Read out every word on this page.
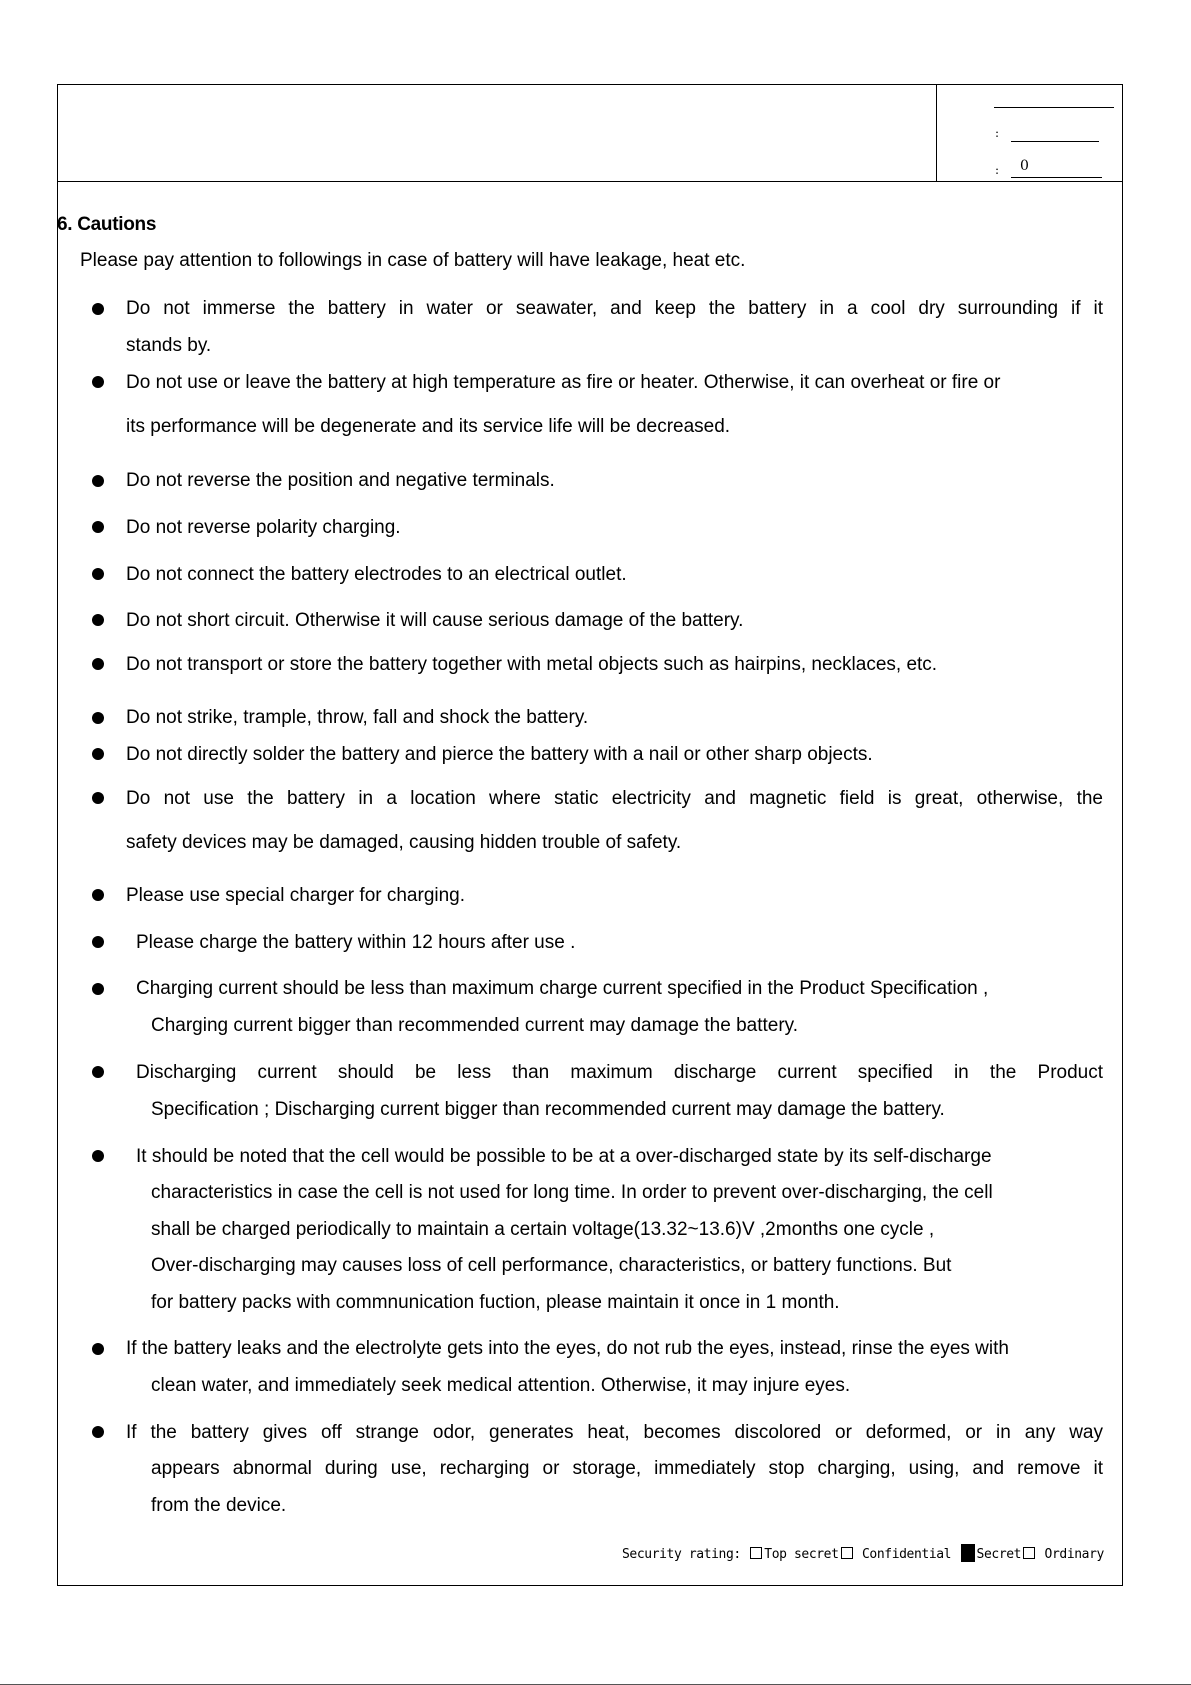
:
: 0
6. Cautions
Please pay attention to followings in case of battery will have leakage, heat etc.
Do not immerse the battery in water or seawater, and keep the battery in a cool dry surrounding if it
stands by.
Do not use or leave the battery at high temperature as fire or heater. Otherwise, it can overheat or fire or
its performance will be degenerate and its service life will be decreased.
Do not reverse the position and negative terminals.
Do not reverse polarity charging.
Do not connect the battery electrodes to an electrical outlet.
Do not short circuit. Otherwise it will cause serious damage of the battery.
Do not transport or store the battery together with metal objects such as hairpins, necklaces, etc.
Do not strike, trample, throw, fall and shock the battery.
Do not directly solder the battery and pierce the battery with a nail or other sharp objects.
Do not use the battery in a location where static electricity and magnetic field is great, otherwise, the
safety devices may be damaged, causing hidden trouble of safety.
Please use special charger for charging.
Please charge the battery within 12 hours after use .
Charging current should be less than maximum charge current specified in the Product Specification ,
Charging current bigger than recommended current may damage the battery.
Discharging current should be less than maximum discharge current specified in the Product
Specification ; Discharging current bigger than recommended current may damage the battery.
It should be noted that the cell would be possible to be at a over-discharged state by its self-discharge
characteristics in case the cell is not used for long time. In order to prevent over-discharging, the cell
shall be charged periodically to maintain a certain voltage(13.32~13.6)V ,2months one cycle ,
Over-discharging may causes loss of cell performance, characteristics, or battery functions. But
for battery packs with commnunication fuction, please maintain it once in 1 month.
If the battery leaks and the electrolyte gets into the eyes, do not rub the eyes, instead, rinse the eyes with
clean water, and immediately seek medical attention. Otherwise, it may injure eyes.
If the battery gives off strange odor, generates heat, becomes discolored or deformed, or in any way
appears abnormal during use, recharging or storage, immediately stop charging, using, and remove it
from the device.
Security rating: Top secret Confidential Secret Ordinary
